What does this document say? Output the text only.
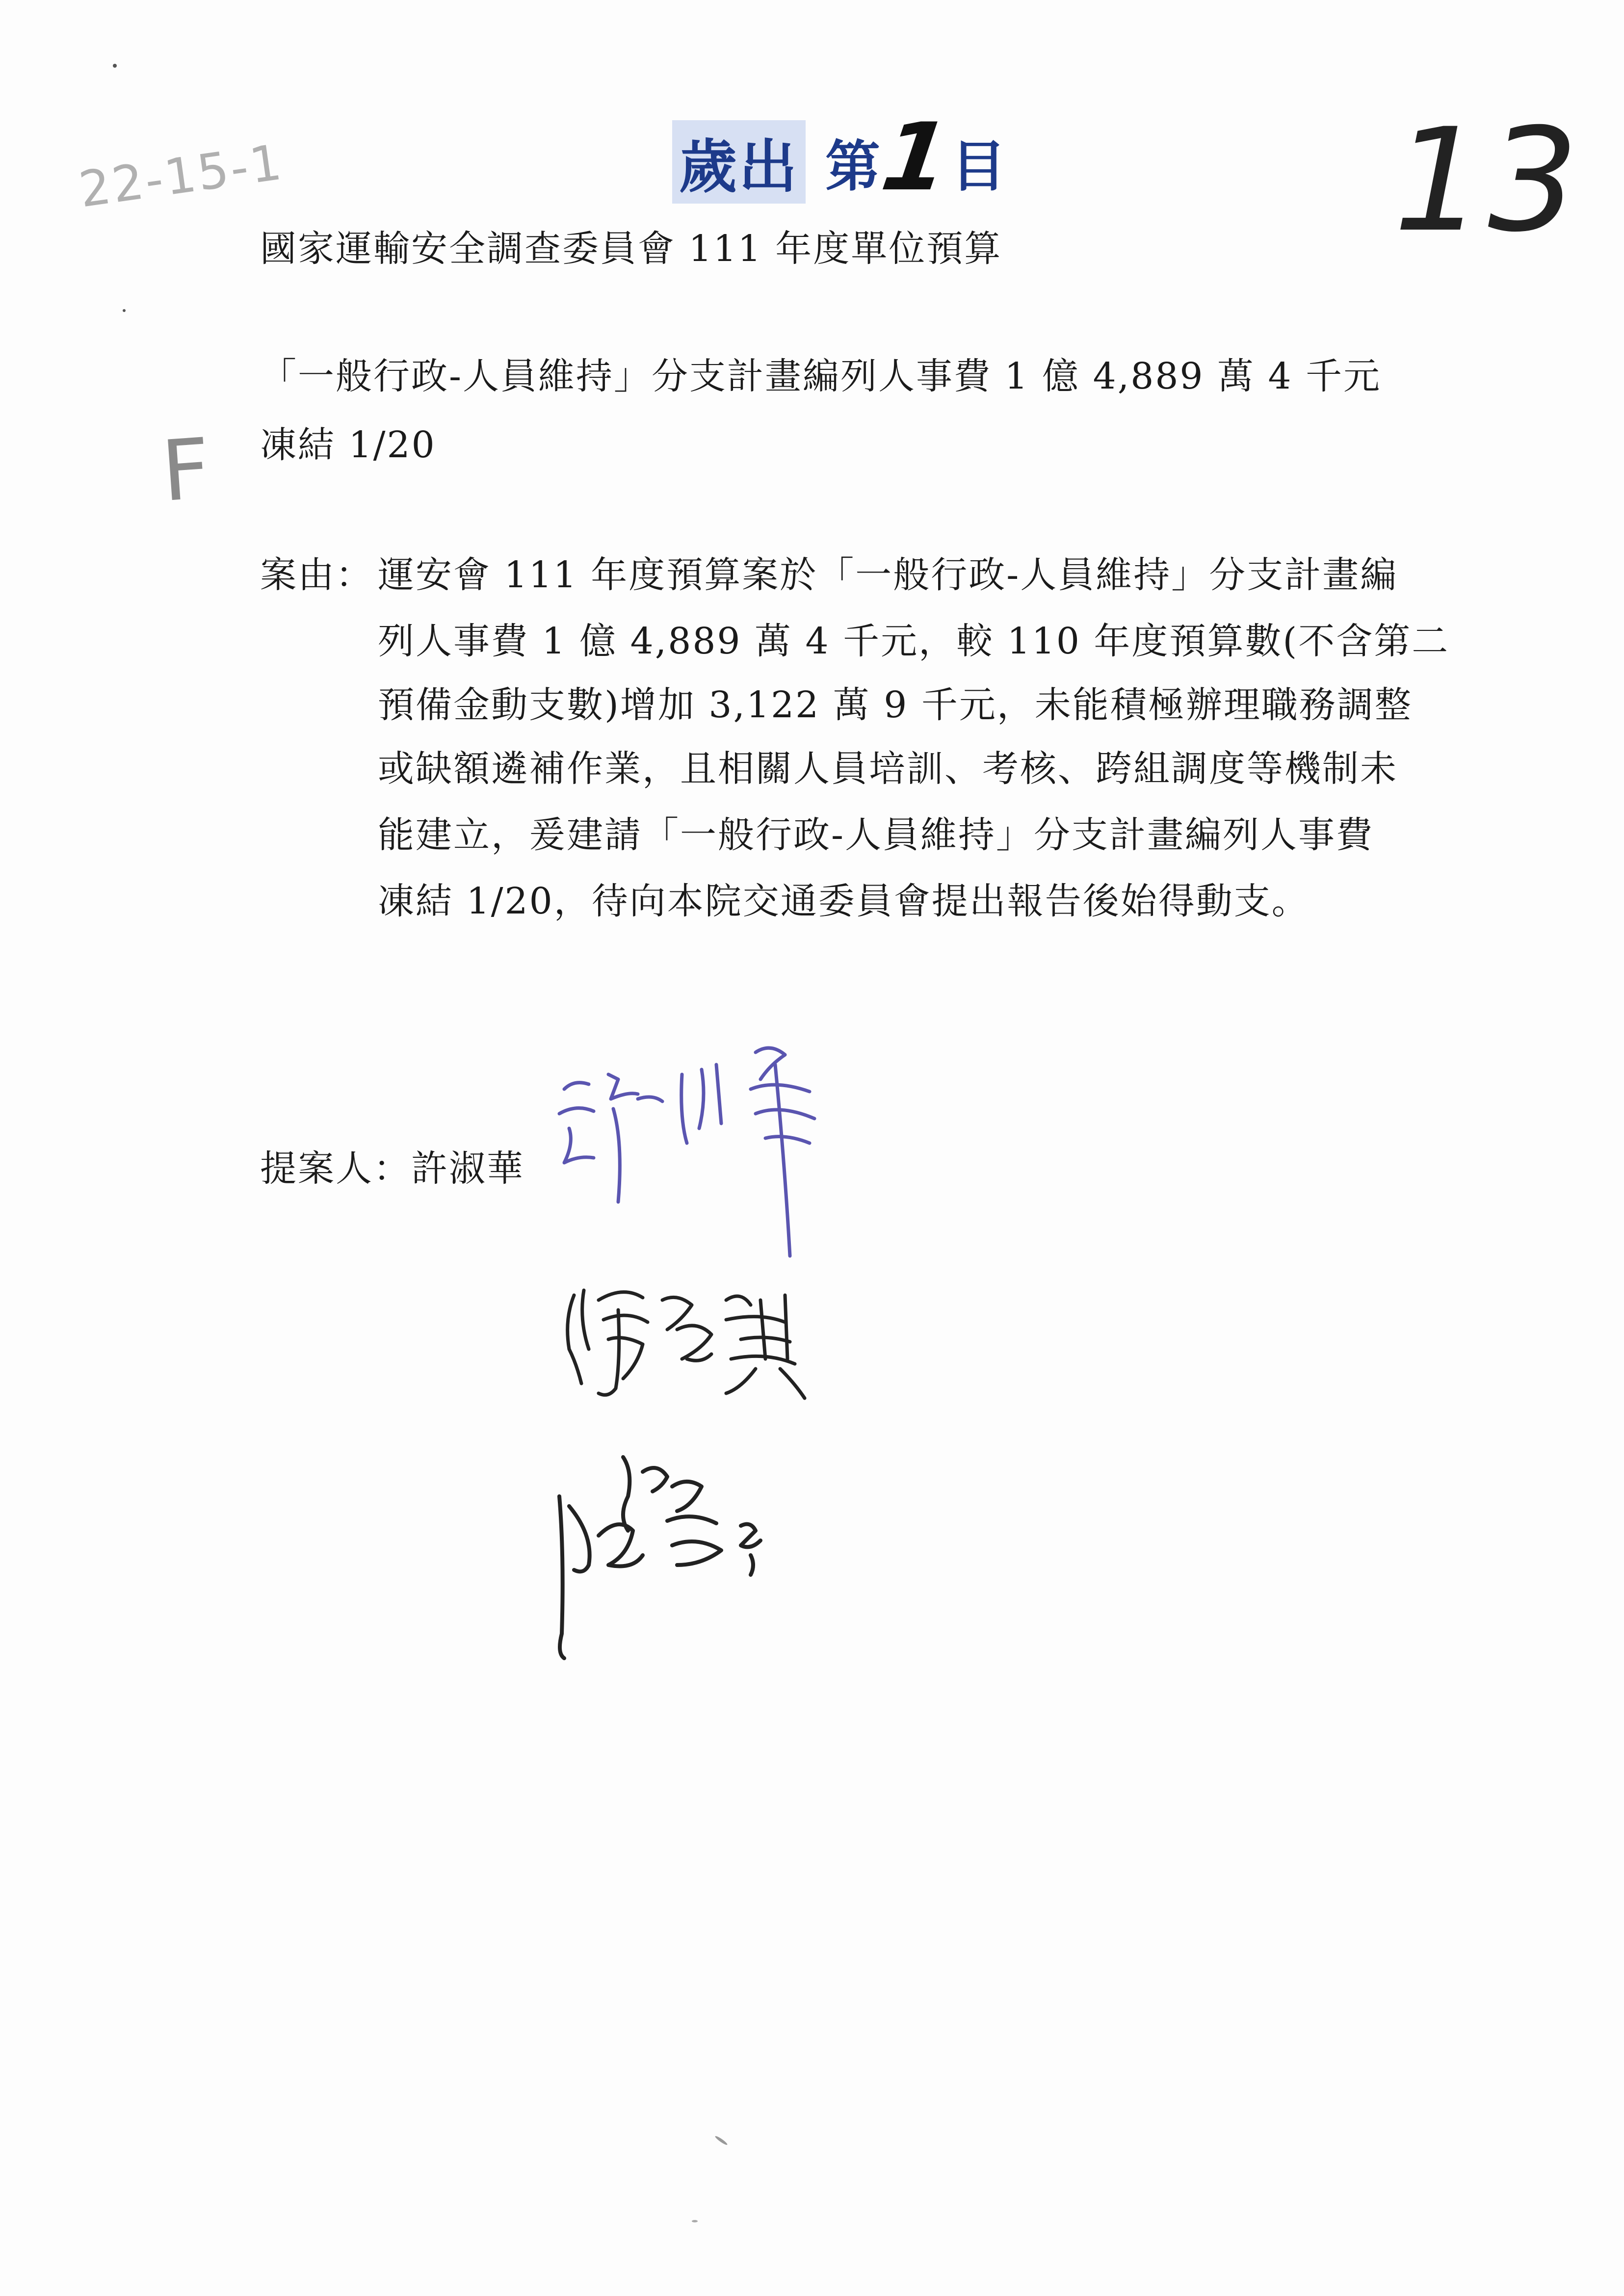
22-15-1	歲出 第
1
目	13
國家運輸安全調查委員會 111 年度單位預算
「一般行政-人員維持」分支計畫編列人事費 1 億 4,889 萬 4 千元
凍結 1/20
F
案由： 運安會 111 年度預算案於「一般行政-人員維持」分支計畫編
列人事費 1 億 4,889 萬 4 千元，較 110 年度預算數(不含第二
預備金動支數)增加 3,122 萬 9 千元，未能積極辦理職務調整
或缺額遴補作業，且相關人員培訓、考核、跨組調度等機制未
能建立，爰建請「一般行政-人員維持」分支計畫編列人事費
凍結 1/20，待向本院交通委員會提出報告後始得動支。
提案人：許淑華
